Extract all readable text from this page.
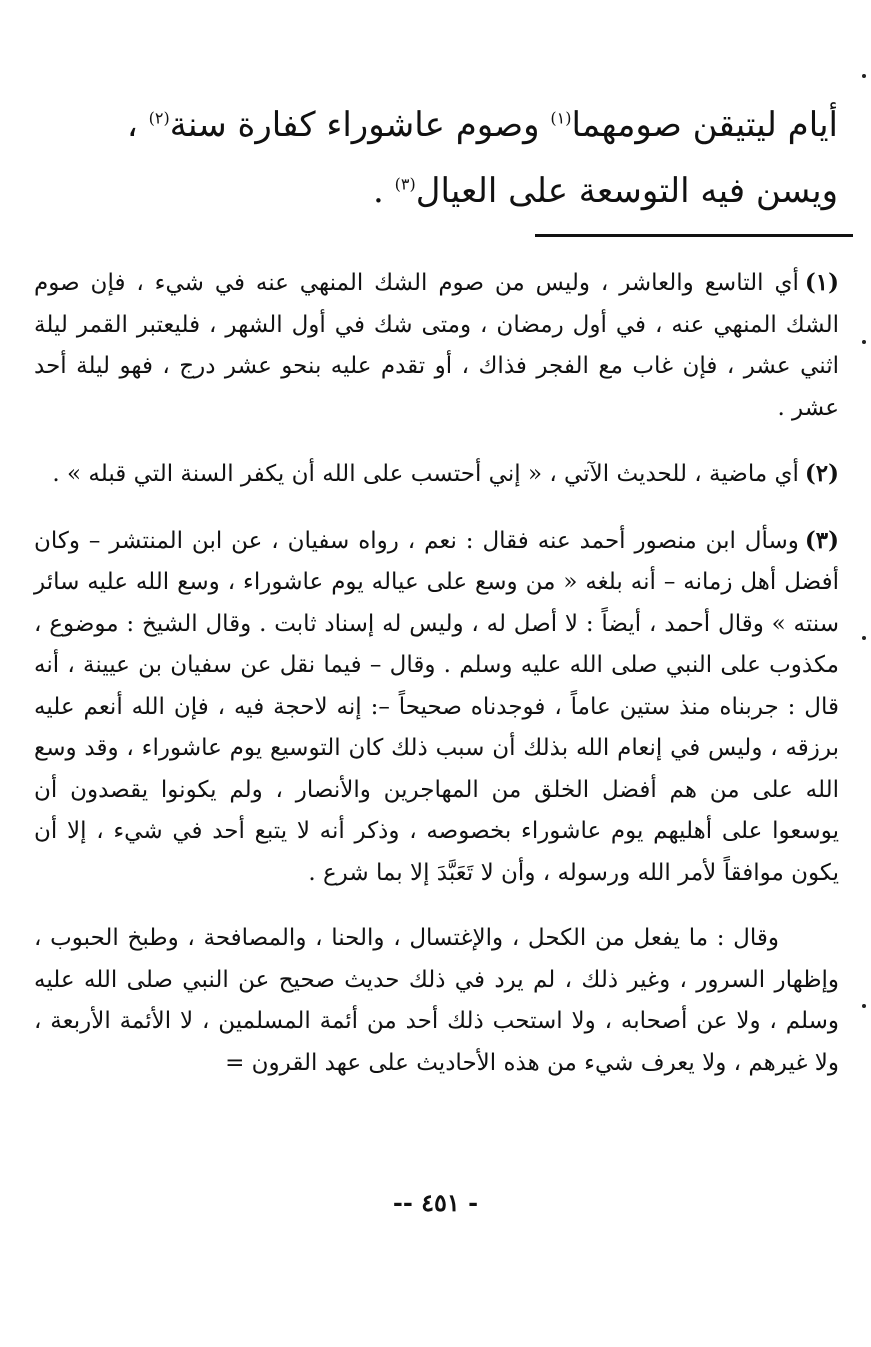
أيام ليتيقن صومهما$^{(١)}$ وصوم عاشوراء كفارة سنة$^{(٢)}$ ،

ويسن فيه التوسعة على العيال$^{(٣)}$ .

(١)أي التاسع والعاشر ، وليس من صوم الشك المنهي عنه في شيء ، فإن صوم الشك المنهي عنه ، في أول رمضان ، ومتى شك في أول الشهر ، فليعتبر القمر ليلة اثني عشر ، فإن غاب مع الفجر فذاك ، أو تقدم عليه بنحو عشر درج ، فهو ليلة أحد عشر .

(٢)أي ماضية ، للحديث الآتي ، « إني أحتسب على الله أن يكفر السنة التي قبله » .

(٣)وسأل ابن منصور أحمد عنه فقال : نعم ، رواه سفيان ، عن ابن المنتشر – وكان أفضل أهل زمانه – أنه بلغه « من وسع على عياله يوم عاشوراء ، وسع الله عليه سائر سنته » وقال أحمد ، أيضاً : لا أصل له ، وليس له إسناد ثابت . وقال الشيخ : موضوع ، مكذوب على النبي صلى الله عليه وسلم . وقال – فيما نقل عن سفيان بن عيينة ، أنه قال : جربناه منذ ستين عاماً ، فوجدناه صحيحاً –: إنه لاحجة فيه ، فإن الله أنعم عليه برزقه ، وليس في إنعام الله بذلك أن سبب ذلك كان التوسيع يوم عاشوراء ، وقد وسع الله على من هم أفضل الخلق من المهاجرين والأنصار ، ولم يكونوا يقصدون أن يوسعوا على أهليهم يوم عاشوراء بخصوصه ، وذكر أنه لا يتبع أحد في شيء ، إلا أن يكون موافقاً لأمر الله ورسوله ، وأن لا تَعَبَّدَ إلا بما شرع .

وقال : ما يفعل من الكحل ، والإغتسال ، والحنا ، والمصافحة ، وطبخ الحبوب ، وإظهار السرور ، وغير ذلك ، لم يرد في ذلك حديث صحيح عن النبي صلى الله عليه وسلم ، ولا عن أصحابه ، ولا استحب ذلك أحد من أئمة المسلمين ، لا الأئمة الأربعة ، ولا غيرهم ، ولا يعرف شيء من هذه الأحاديث على عهد القرون =

-- ٤٥١ -
